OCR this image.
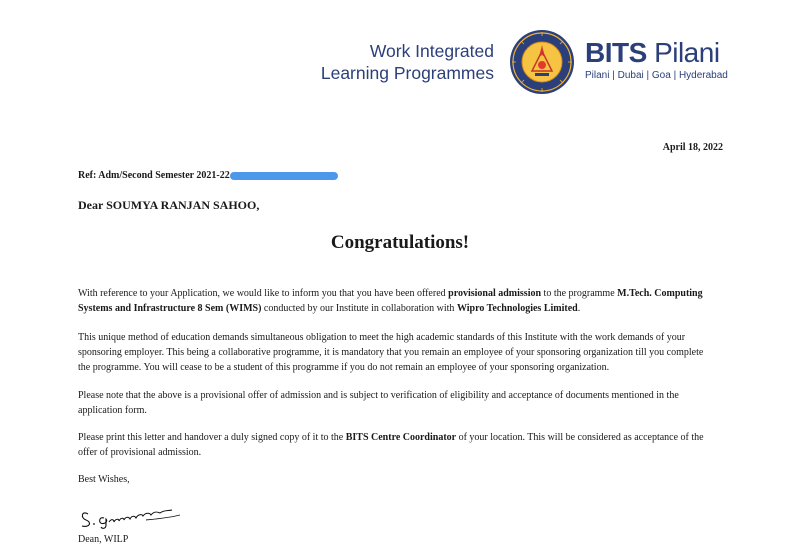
Work Integrated
Learning Programmes
BITS Pilani
Pilani | Dubai | Goa | Hyderabad
April 18, 2022
Ref: Adm/Second Semester 2021-22
Dear SOUMYA RANJAN SAHOO,
Congratulations!
With reference to your Application, we would like to inform you that you have been offered provisional admission to the programme M.Tech. Computing Systems and Infrastructure 8 Sem (WIMS) conducted by our Institute in collaboration with Wipro Technologies Limited.
This unique method of education demands simultaneous obligation to meet the high academic standards of this Institute with the work demands of your sponsoring employer. This being a collaborative programme, it is mandatory that you remain an employee of your sponsoring organization till you complete the programme. You will cease to be a student of this programme if you do not remain an employee of your sponsoring organization.
Please note that the above is a provisional offer of admission and is subject to verification of eligibility and acceptance of documents mentioned in the application form.
Please print this letter and handover a duly signed copy of it to the BITS Centre Coordinator of your location. This will be considered as acceptance of the offer of provisional admission.
Best Wishes,
Dean, WILP
